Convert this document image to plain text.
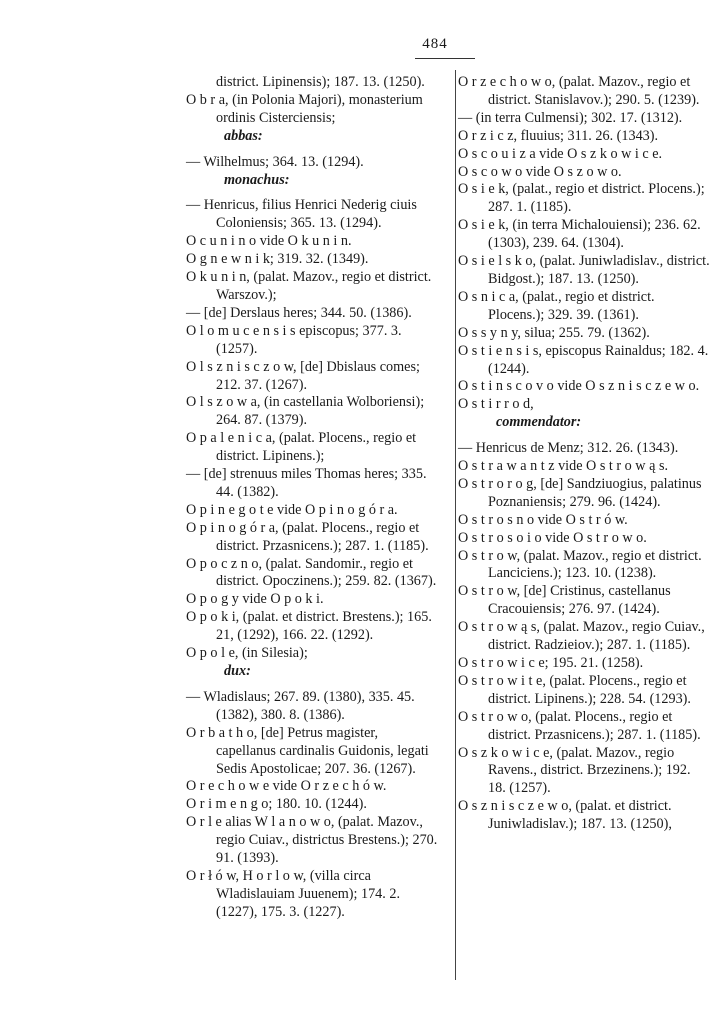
484

district. Lipinensis); 187. 13. (1250).

O b r a, (in Polonia Majori), monasterium ordinis Cisterciensis;

abbas:

— Wilhelmus; 364. 13. (1294).

monachus:

— Henricus, filius Henrici Nederig ciuis Coloniensis; 365. 13. (1294).

O c u n i n o vide O k u n i n.

O g n e w n i k; 319. 32. (1349).

O k u n i n, (palat. Mazov., regio et district. Warszov.);

— [de] Derslaus heres; 344. 50. (1386).

O l o m u c e n s i s episcopus; 377. 3. (1257).

O l s z n i s c z o w, [de] Dbislaus comes; 212. 37. (1267).

O l s z o w a, (in castellania Wolboriensi); 264. 87. (1379).

O p a l e n i c a, (palat. Plocens., regio et district. Lipinens.);

— [de] strenuus miles Thomas heres; 335. 44. (1382).

O p i n e g o t e vide O p i n o g ó r a.

O p i n o g ó r a, (palat. Plocens., regio et district. Przasnicens.); 287. 1. (1185).

O p o c z n o, (palat. Sandomir., regio et district. Opoczinens.); 259. 82. (1367).

O p o g y vide O p o k i.

O p o k i, (palat. et district. Brestens.); 165. 21, (1292), 166. 22. (1292).

O p o l e, (in Silesia);

dux:

— Wladislaus; 267. 89. (1380), 335. 45. (1382), 380. 8. (1386).

O r b a t h o, [de] Petrus magister, capellanus cardinalis Guidonis, legati Sedis Apostolicae; 207. 36. (1267).

O r e c h o w e vide O r z e c h ó w.

O r i m e n g o; 180. 10. (1244).

O r l e alias W l a n o w o, (palat. Mazov., regio Cuiav., districtus Brestens.); 270. 91. (1393).

O r ł ó w, H o r l o w, (villa circa Wladislauiam Juuenem); 174. 2. (1227), 175. 3. (1227).

O r z e c h o w o, (palat. Mazov., regio et district. Stanislavov.); 290. 5. (1239).

— (in terra Culmensi); 302. 17. (1312).

O r z i c z, fluuius; 311. 26. (1343).

O s c o u i z a vide O s z k o w i c e.

O s c o w o vide O s z o w o.

O s i e k, (palat., regio et district. Plocens.); 287. 1. (1185).

O s i e k, (in terra Michalouiensi); 236. 62. (1303), 239. 64. (1304).

O s i e l s k o, (palat. Juniwladislav., district. Bidgost.); 187. 13. (1250).

O s n i c a, (palat., regio et district. Plocens.); 329. 39. (1361).

O s s y n y, silua; 255. 79. (1362).

O s t i e n s i s, episcopus Rainaldus; 182. 4. (1244).

O s t i n s c o v o vide O s z n i s c z e w o.

O s t i r r o d,

commendator:

— Henricus de Menz; 312. 26. (1343).

O s t r a w a n t z vide O s t r o w ą s.

O s t r o r o g, [de] Sandziuogius, palatinus Poznaniensis; 279. 96. (1424).

O s t r o s n o vide O s t r ó w.

O s t r o s o i o vide O s t r o w o.

O s t r o w, (palat. Mazov., regio et district. Lanciciens.); 123. 10. (1238).

O s t r o w, [de] Cristinus, castellanus Cracouiensis; 276. 97. (1424).

O s t r o w ą s, (palat. Mazov., regio Cuiav., district. Radzieiov.); 287. 1. (1185).

O s t r o w i c e; 195. 21. (1258).

O s t r o w i t e, (palat. Plocens., regio et district. Lipinens.); 228. 54. (1293).

O s t r o w o, (palat. Plocens., regio et district. Przasnicens.); 287. 1. (1185).

O s z k o w i c e, (palat. Mazov., regio Ravens., district. Brzezinens.); 192. 18. (1257).

O s z n i s c z e w o, (palat. et district. Juniwladislav.); 187. 13. (1250),
